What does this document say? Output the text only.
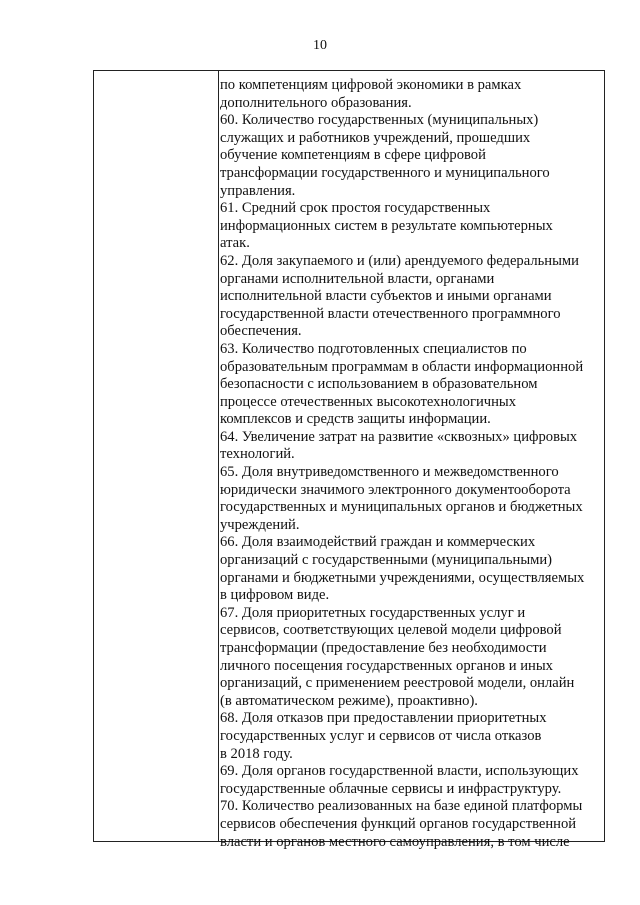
10
по компетенциям цифровой экономики в рамках
дополнительного образования.
60. Количество государственных (муниципальных)
служащих и работников учреждений, прошедших
обучение компетенциям в сфере цифровой
трансформации государственного и муниципального
управления.
61. Средний срок простоя государственных
информационных систем в результате компьютерных
атак.
62. Доля закупаемого и (или) арендуемого федеральными
органами исполнительной власти, органами
исполнительной власти субъектов и иными органами
государственной власти отечественного программного
обеспечения.
63. Количество подготовленных специалистов по
образовательным программам в области информационной
безопасности с использованием в образовательном
процессе отечественных высокотехнологичных
комплексов и средств защиты информации.
64. Увеличение затрат на развитие «сквозных» цифровых
технологий.
65. Доля внутриведомственного и межведомственного
юридически значимого электронного документооборота
государственных и муниципальных органов и бюджетных
учреждений.
66. Доля взаимодействий граждан и коммерческих
организаций с государственными (муниципальными)
органами и бюджетными учреждениями, осуществляемых
в цифровом виде.
67. Доля приоритетных государственных услуг и
сервисов, соответствующих целевой модели цифровой
трансформации (предоставление без необходимости
личного посещения государственных органов и иных
организаций, с применением реестровой модели, онлайн
(в автоматическом режиме), проактивно).
68. Доля отказов при предоставлении приоритетных
государственных услуг и сервисов от числа отказов
в 2018 году.
69. Доля органов государственной власти, использующих
государственные облачные сервисы и инфраструктуру.
70. Количество реализованных на базе единой платформы
сервисов обеспечения функций органов государственной
власти и органов местного самоуправления, в том числе
